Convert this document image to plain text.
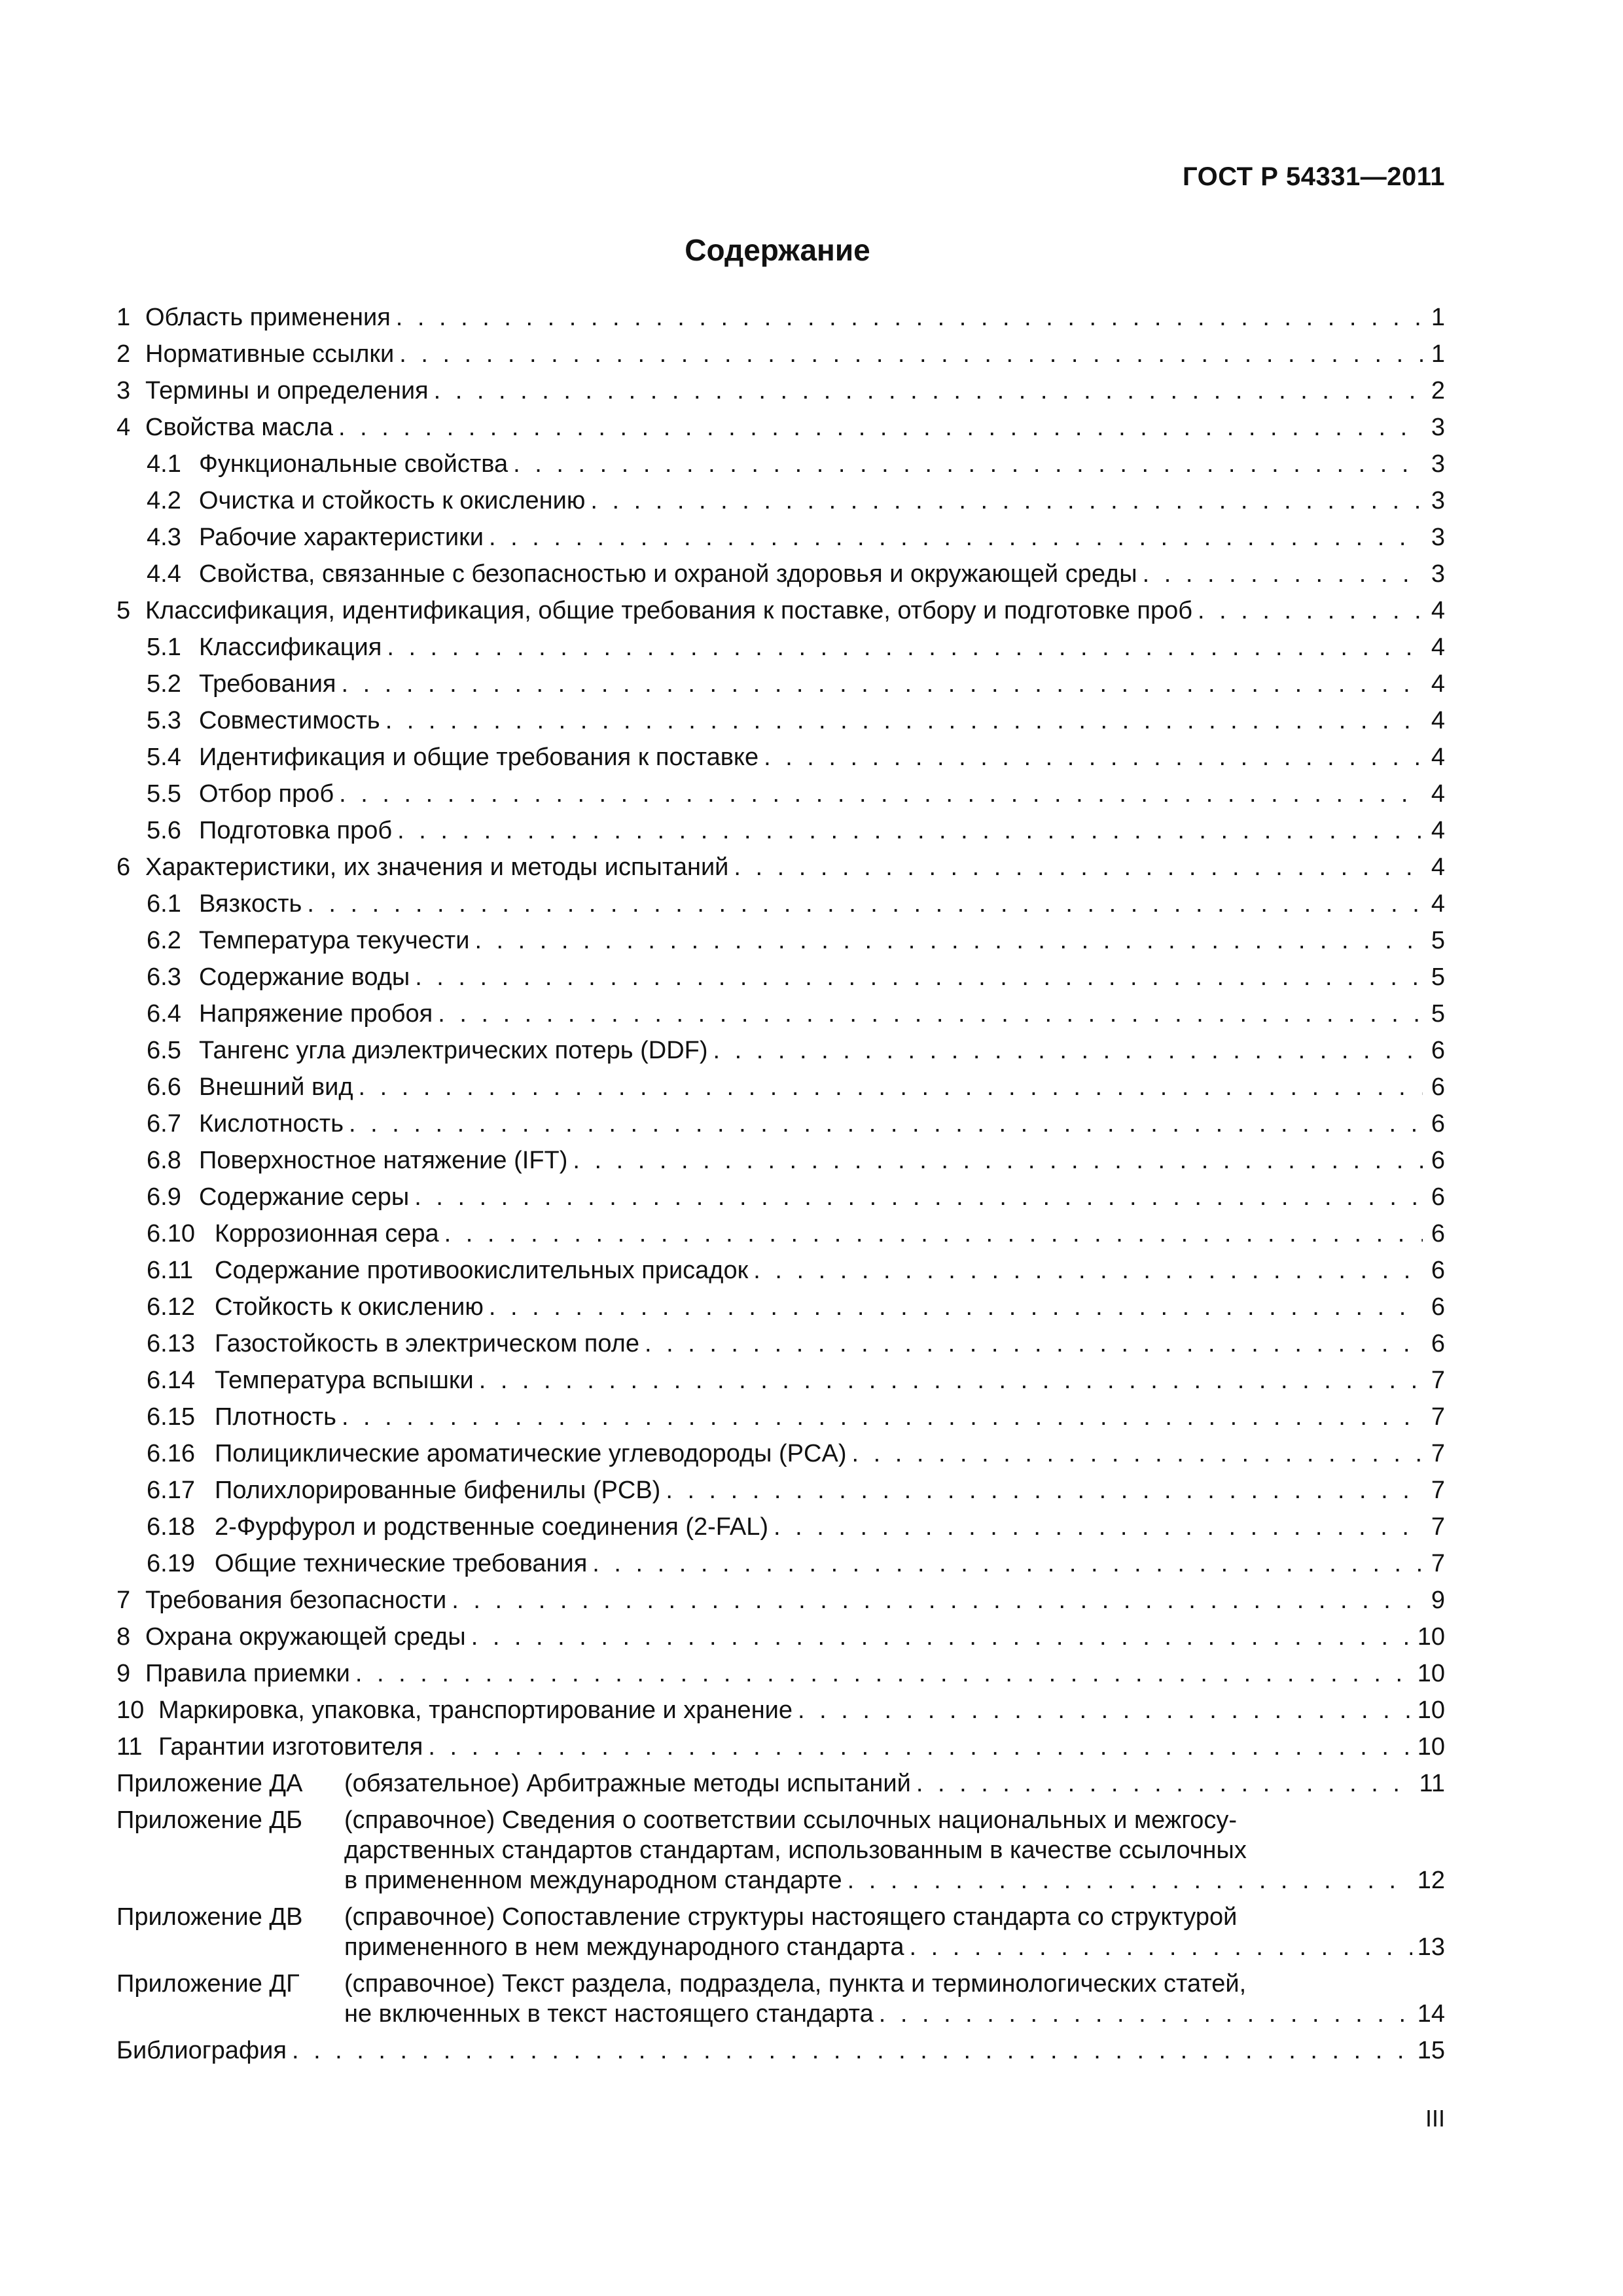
ГОСТ Р 54331—2011
Содержание
1 Область применения . . .	1
2 Нормативные ссылки . . .	1
3 Термины и определения . . .	2
4 Свойства масла . . .	3
4.1 Функциональные свойства . . .	3
4.2 Очистка и стойкость к окислению . . .	3
4.3 Рабочие характеристики . . .	3
4.4 Свойства, связанные с безопасностью и охраной здоровья и окружающей среды . . .	3
5 Классификация, идентификация, общие требования к поставке, отбору и подготовке проб . . .	4
5.1 Классификация . . .	4
5.2 Требования . . .	4
5.3 Совместимость . . .	4
5.4 Идентификация и общие требования к поставке . . .	4
5.5 Отбор проб . . .	4
5.6 Подготовка проб . . .	4
6 Характеристики, их значения и методы испытаний . . .	4
6.1 Вязкость . . .	4
6.2 Температура текучести . . .	5
6.3 Содержание воды . . .	5
6.4 Напряжение пробоя . . .	5
6.5 Тангенс угла диэлектрических потерь (DDF) . . .	6
6.6 Внешний вид . . .	6
6.7 Кислотность . . .	6
6.8 Поверхностное натяжение (IFT) . . .	6
6.9 Содержание серы . . .	6
6.10 Коррозионная сера . . .	6
6.11 Содержание противоокислительных присадок . . .	6
6.12 Стойкость к окислению . . .	6
6.13 Газостойкость в электрическом поле . . .	6
6.14 Температура вспышки . . .	7
6.15 Плотность . . .	7
6.16 Полициклические ароматические углеводороды (PCA) . . .	7
6.17 Полихлорированные бифенилы (PCB) . . .	7
6.18 2-Фурфурол и родственные соединения (2-FAL) . . .	7
6.19 Общие технические требования . . .	7
7 Требования безопасности . . .	9
8 Охрана окружающей среды . . .	10
9 Правила приемки . . .	10
10 Маркировка, упаковка, транспортирование и хранение . . .	10
11 Гарантии изготовителя . . .	10
Приложение ДА	(обязательное) Арбитражные методы испытаний . . .	11
Приложение ДБ	(справочное) Сведения о соответствии ссылочных национальных и межгосу-
дарственных стандартов стандартам, использованным в качестве ссылочных
в примененном международном стандарте . . .	12
Приложение ДВ	(справочное) Сопоставление структуры настоящего стандарта со структурой
примененного в нем международного стандарта . . .	13
Приложение ДГ	(справочное) Текст раздела, подраздела, пункта и терминологических статей,
не включенных в текст настоящего стандарта . . .	14
Библиография . . .	15
III
